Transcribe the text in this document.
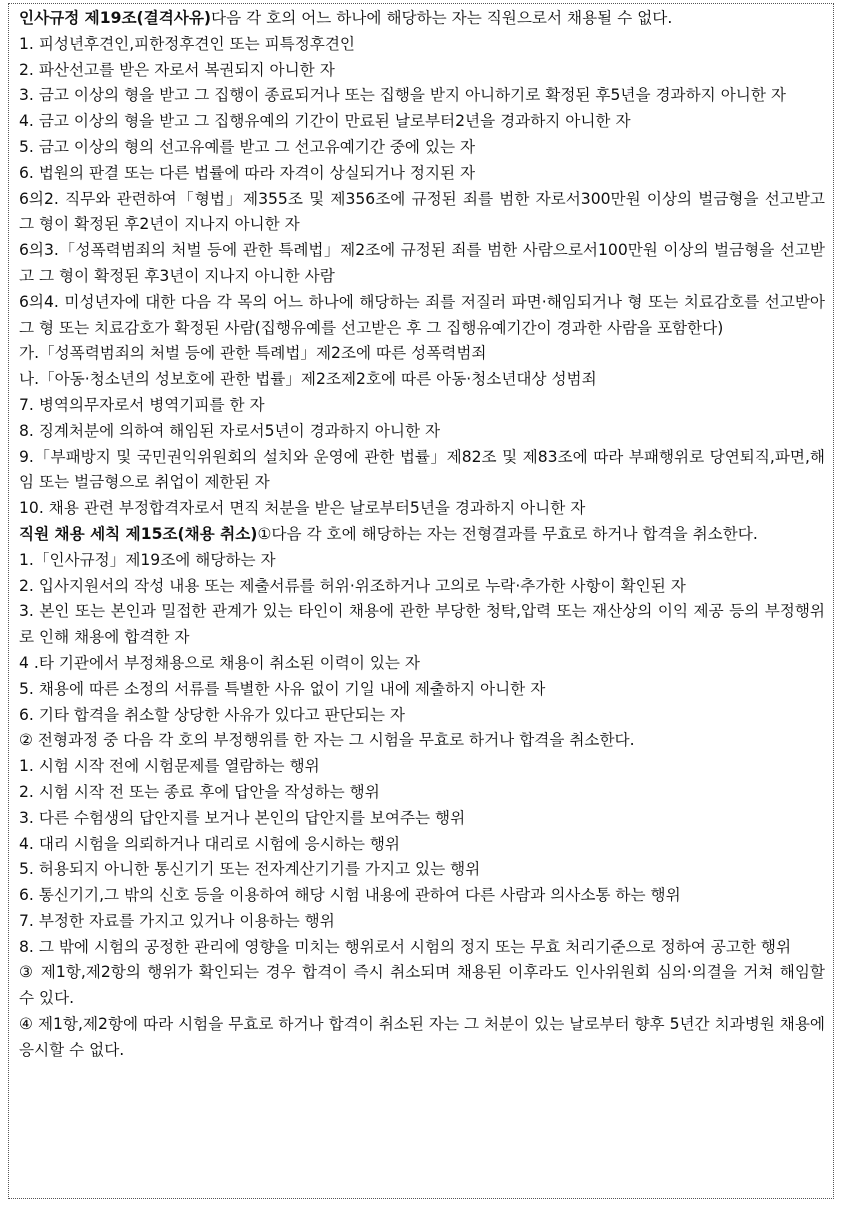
인사규정 제19조(결격사유)다음 각 호의 어느 하나에 해당하는 자는 직원으로서 채용될 수 없다.

1. 피성년후견인,피한정후견인 또는 피특정후견인

2. 파산선고를 받은 자로서 복권되지 아니한 자

3. 금고 이상의 형을 받고 그 집행이 종료되거나 또는 집행을 받지 아니하기로 확정된 후5년을 경과하지 아니한 자

4. 금고 이상의 형을 받고 그 집행유예의 기간이 만료된 날로부터2년을 경과하지 아니한 자

5. 금고 이상의 형의 선고유예를 받고 그 선고유예기간 중에 있는 자

6. 법원의 판결 또는 다른 법률에 따라 자격이 상실되거나 정지된 자

6의2. 직무와 관련하여「형법」제355조 및 제356조에 규정된 죄를 범한 자로서300만원 이상의 벌금형을 선고받고 그 형이 확정된 후2년이 지나지 아니한 자

6의3.「성폭력범죄의 처벌 등에 관한 특례법」제2조에 규정된 죄를 범한 사람으로서100만원 이상의 벌금형을 선고받고 그 형이 확정된 후3년이 지나지 아니한 사람

6의4. 미성년자에 대한 다음 각 목의 어느 하나에 해당하는 죄를 저질러 파면·해임되거나 형 또는 치료감호를 선고받아 그 형 또는 치료감호가 확정된 사람(집행유예를 선고받은 후 그 집행유예기간이 경과한 사람을 포함한다)

가.「성폭력범죄의 처벌 등에 관한 특례법」제2조에 따른 성폭력범죄

나.「아동·청소년의 성보호에 관한 법률」제2조제2호에 따른 아동·청소년대상 성범죄

7. 병역의무자로서 병역기피를 한 자

8. 징계처분에 의하여 해임된 자로서5년이 경과하지 아니한 자

9.「부패방지 및 국민권익위원회의 설치와 운영에 관한 법률」제82조 및 제83조에 따라 부패행위로 당연퇴직,파면,해임 또는 벌금형으로 취업이 제한된 자

10. 채용 관련 부정합격자로서 면직 처분을 받은 날로부터5년을 경과하지 아니한 자

직원 채용 세칙 제15조(채용 취소)①다음 각 호에 해당하는 자는 전형결과를 무효로 하거나 합격을 취소한다.

1.「인사규정」제19조에 해당하는 자

2. 입사지원서의 작성 내용 또는 제출서류를 허위·위조하거나 고의로 누락·추가한 사항이 확인된 자

3. 본인 또는 본인과 밀접한 관계가 있는 타인이 채용에 관한 부당한 청탁,압력 또는 재산상의 이익 제공 등의 부정행위로 인해 채용에 합격한 자

4 .타 기관에서 부정채용으로 채용이 취소된 이력이 있는 자

5. 채용에 따른 소정의 서류를 특별한 사유 없이 기일 내에 제출하지 아니한 자

6. 기타 합격을 취소할 상당한 사유가 있다고 판단되는 자

② 전형과정 중 다음 각 호의 부정행위를 한 자는 그 시험을 무효로 하거나 합격을 취소한다.

1. 시험 시작 전에 시험문제를 열람하는 행위

2. 시험 시작 전 또는 종료 후에 답안을 작성하는 행위

3. 다른 수험생의 답안지를 보거나 본인의 답안지를 보여주는 행위

4. 대리 시험을 의뢰하거나 대리로 시험에 응시하는 행위

5. 허용되지 아니한 통신기기 또는 전자계산기기를 가지고 있는 행위

6. 통신기기,그 밖의 신호 등을 이용하여 해당 시험 내용에 관하여 다른 사람과 의사소통 하는 행위

7. 부정한 자료를 가지고 있거나 이용하는 행위

8. 그 밖에 시험의 공정한 관리에 영향을 미치는 행위로서 시험의 정지 또는 무효 처리기준으로 정하여 공고한 행위

③ 제1항,제2항의 행위가 확인되는 경우 합격이 즉시 취소되며 채용된 이후라도 인사위원회 심의·의결을 거쳐 해임할 수 있다.

④ 제1항,제2항에 따라 시험을 무효로 하거나 합격이 취소된 자는 그 처분이 있는 날로부터 향후 5년간 치과병원 채용에 응시할 수 없다.
